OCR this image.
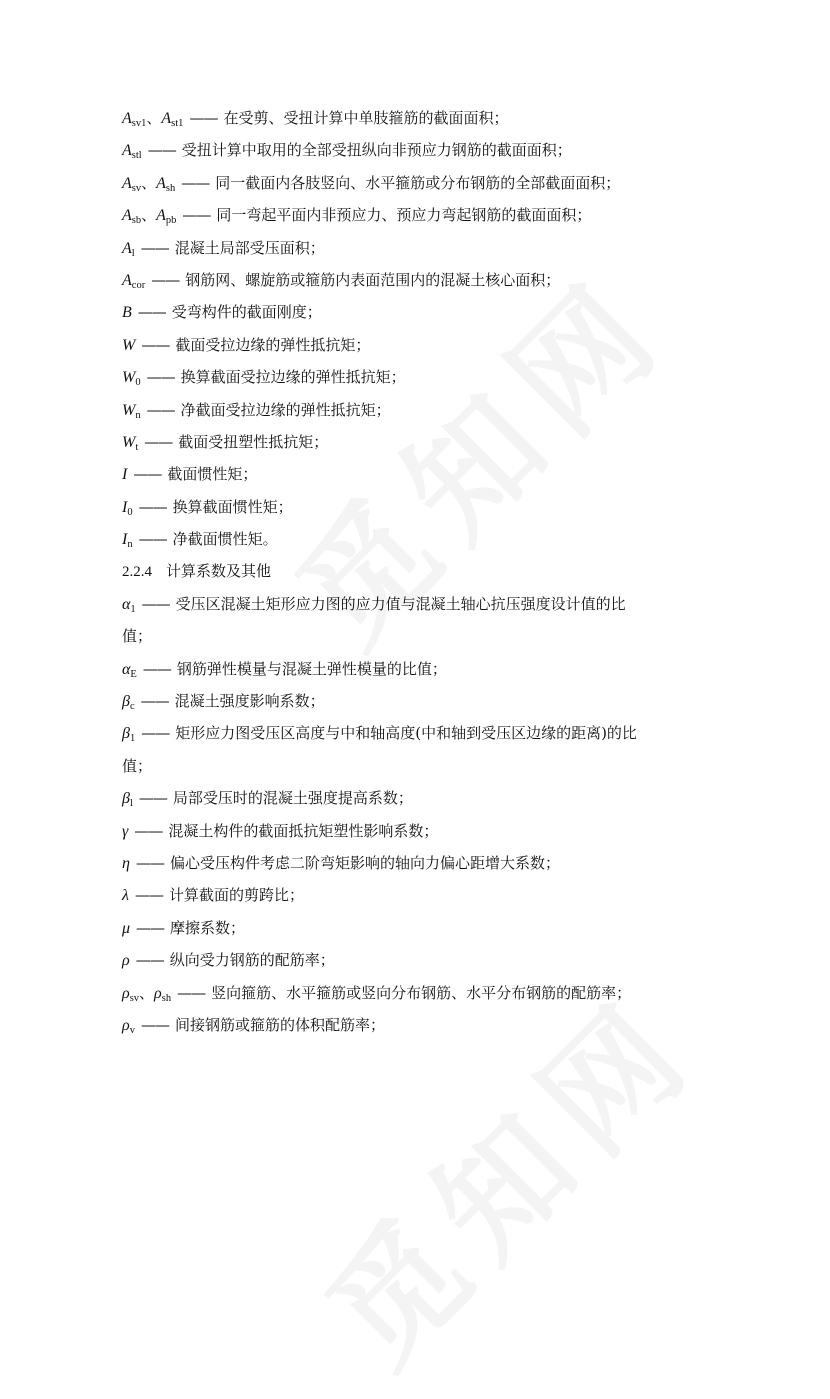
$A_{sv1}$、$A_{st1}$ —— 在受剪、受扭计算中单肢箍筋的截面面积；
$A_{stl}$ —— 受扭计算中取用的全部受扭纵向非预应力钢筋的截面面积；
$A_{sv}$、$A_{sh}$ —— 同一截面内各肢竖向、水平箍筋或分布钢筋的全部截面面积；
$A_{sb}$、$A_{pb}$ —— 同一弯起平面内非预应力、预应力弯起钢筋的截面面积；
$A_l$ —— 混凝土局部受压面积；
$A_{cor}$ —— 钢筋网、螺旋筋或箍筋内表面范围内的混凝土核心面积；
B —— 受弯构件的截面刚度；
W —— 截面受拉边缘的弹性抵抗矩；
$W_0$ —— 换算截面受拉边缘的弹性抵抗矩；
$W_n$ —— 净截面受拉边缘的弹性抵抗矩；
$W_t$ —— 截面受扭塑性抵抗矩；
I —— 截面惯性矩；
$I_0$ —— 换算截面惯性矩；
$I_n$ —— 净截面惯性矩。
2.2.4 计算系数及其他
$\alpha_1$ —— 受压区混凝土矩形应力图的应力值与混凝土轴心抗压强度设计值的比
值；
$\alpha_E$ —— 钢筋弹性模量与混凝土弹性模量的比值；
$\beta_c$ —— 混凝土强度影响系数；
$\beta_1$ —— 矩形应力图受压区高度与中和轴高度(中和轴到受压区边缘的距离)的比
值；
$\beta_l$ —— 局部受压时的混凝土强度提高系数；
γ —— 混凝土构件的截面抵抗矩塑性影响系数；
η —— 偏心受压构件考虑二阶弯矩影响的轴向力偏心距增大系数；
λ —— 计算截面的剪跨比；
μ —— 摩擦系数；
ρ —— 纵向受力钢筋的配筋率；
$\rho_{sv}$、$\rho_{sh}$ —— 竖向箍筋、水平箍筋或竖向分布钢筋、水平分布钢筋的配筋率；
$\rho_v$ —— 间接钢筋或箍筋的体积配筋率；
